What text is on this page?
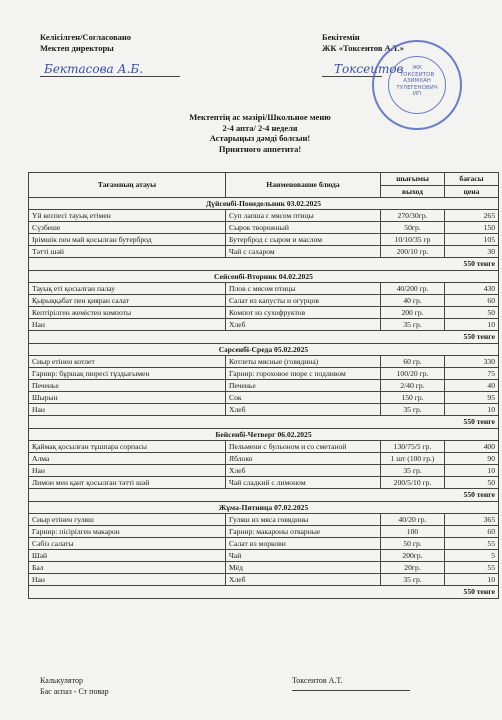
Келісілген/Согласовано
Мектеп директоры
Бектасова А.Б.
Бекітемін
ЖК «Токсеитов А.Т.»
Токсеитов	ЖК
ТОКСЕИТОВ
АЗИМХАН
ТУЛЕГЕНОВИЧ
ИП
Мектептің ас мәзірі/Школьное меню
2-4 апта/ 2-4 неделя
Астарыңыз дәмді болсын!
Приятного аппетита!
Тағамның атауы	Наименование блюда	шығымы	бағасы
		выход	цена
Дүйсенбі-Понедельник 03.02.2025			
Үй кеспесі тауық етімен	Суп лапша с мясом птицы	270/30гр.	265
Сүзбеше	Сырок творожный	50гр.	150
Ірімшік пен май қосылған бутерброд	Бутерброд с сыром и маслом	10/10/35 гр	105
Тәтті шәй	Чай с сахаром	200/10 гр.	30
550 тенге			
Сейсенбі-Вторник 04.02.2025			
Тауық еті қосылған палау	Плов с мясом птицы	40/200 гр.	430
Қырыққабат пен қияран салат	Салат из капусты и огурцов	40 гр.	60
Кептірілген жемістен компоты	Компот из сухофруктов	200 гр.	50
Нан	Хлеб	35 гр.	10
550 тенге			
Сәрсенбі-Среда 05.02.2025			
Сиыр етінен котлет	Котлеты мясные (говядина)	60 гр.	330
Гарнир: бұршақ пюресі тұздығымен	Гарнир: гороховое пюре с подливом	100/20 гр.	75
Печенье	Печенье	2/40 гр.	40
Шырын	Сок	150 гр.	95
Нан	Хлеб	35 гр.	10
550 тенге			
Бейсенбі-Четверг 06.02.2025			
Қаймақ қосылған тұшпара сорпасы	Пельмени с бульоном и со сметаной	130/75/5 гр.	400
Алма	Яблоко	1 шт (100 гр.)	90
Нан	Хлеб	35 гр.	10
Лимон мен қант қосылған тәтті шәй	Чай сладкий с лимоном	200/5/10 гр.	50
550 тенге			
Жұма-Пятница 07.02.2025			
Сиыр етінен гуляш	Гуляш из мяса говядины	40/20 гр.	365
Гарнир: пісірілген макарон	Гарнир: макароны отварные	100	60
Сәбіз салаты	Салат из моркови	50 гр.	55
Шәй	Чай	200гр.	5
Бал	Мёд	20гр.	55
Нан	Хлеб	35 гр.	10
550 тенге			
Калькулятор
Бас аспаз - Ст повар
Токсеитов А.Т.
